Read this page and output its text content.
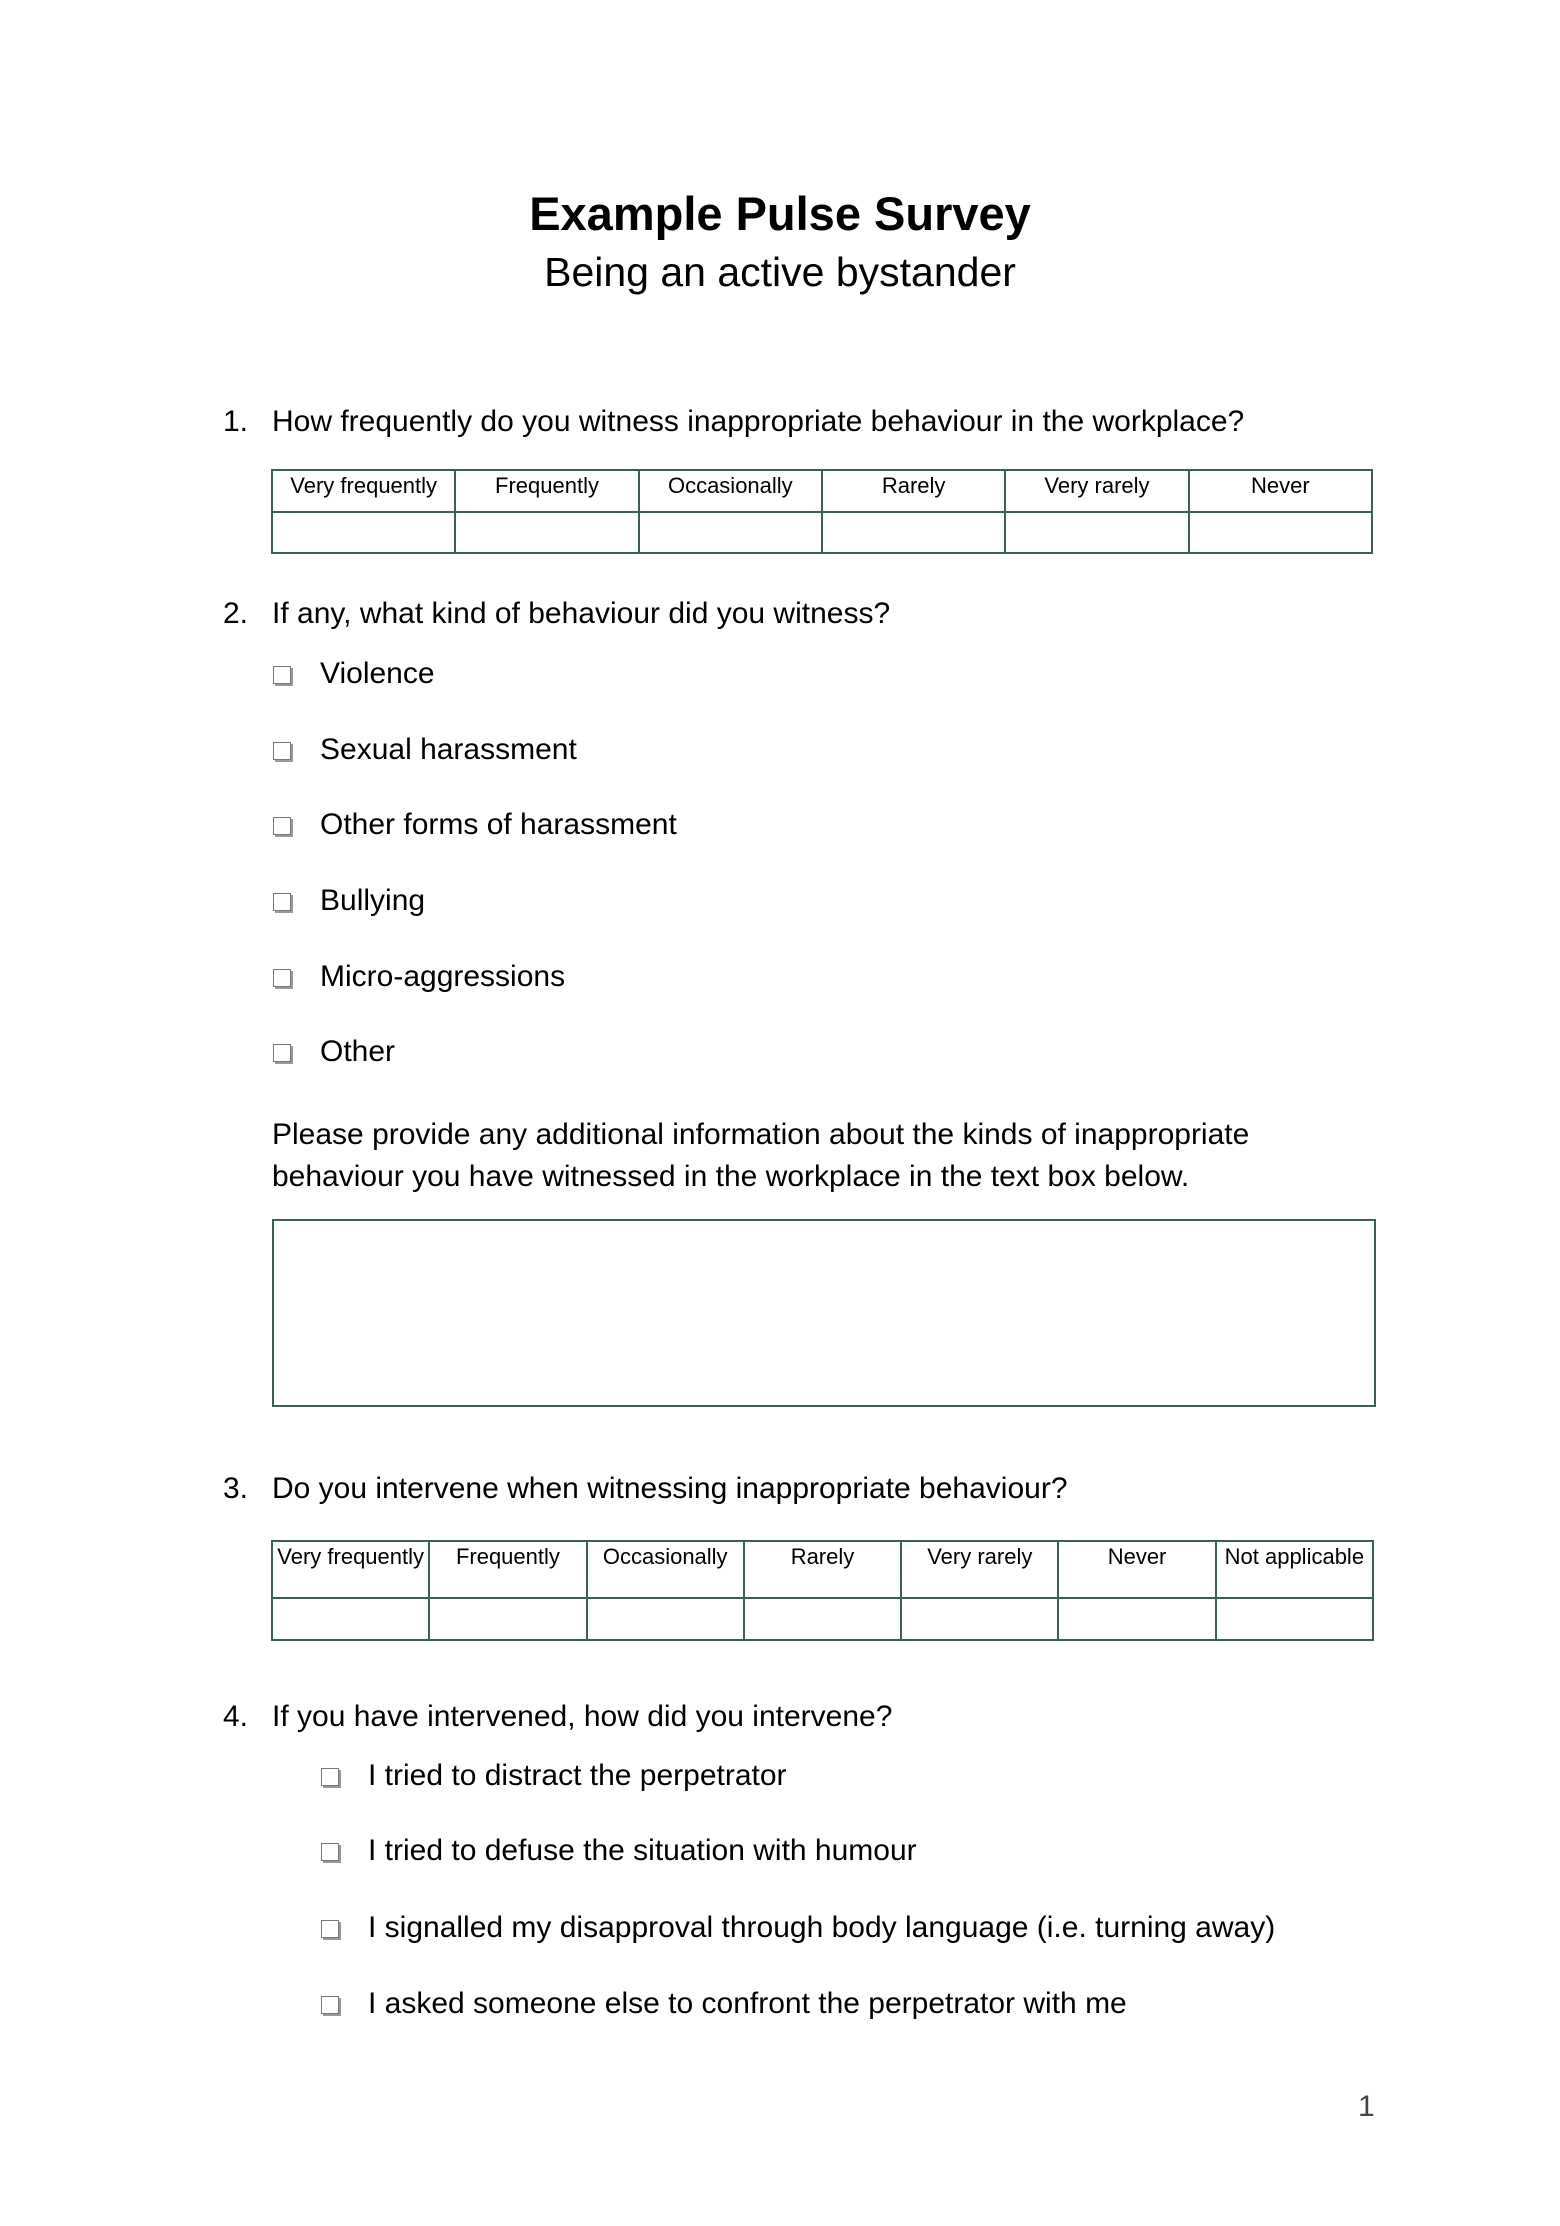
Example Pulse Survey
Being an active bystander
1. How frequently do you witness inappropriate behaviour in the workplace?
Very frequently	Frequently	Occasionally	Rarely	Very rarely	Never

2. If any, what kind of behaviour did you witness?
Violence
Sexual harassment
Other forms of harassment
Bullying
Micro-aggressions
Other
Please provide any additional information about the kinds of inappropriate behaviour you have witnessed in the workplace in the text box below.
3. Do you intervene when witnessing inappropriate behaviour?
Very frequently	Frequently	Occasionally	Rarely	Very rarely	Never	Not applicable

4. If you have intervened, how did you intervene?
I tried to distract the perpetrator
I tried to defuse the situation with humour
I signalled my disapproval through body language (i.e. turning away)
I asked someone else to confront the perpetrator with me
1
